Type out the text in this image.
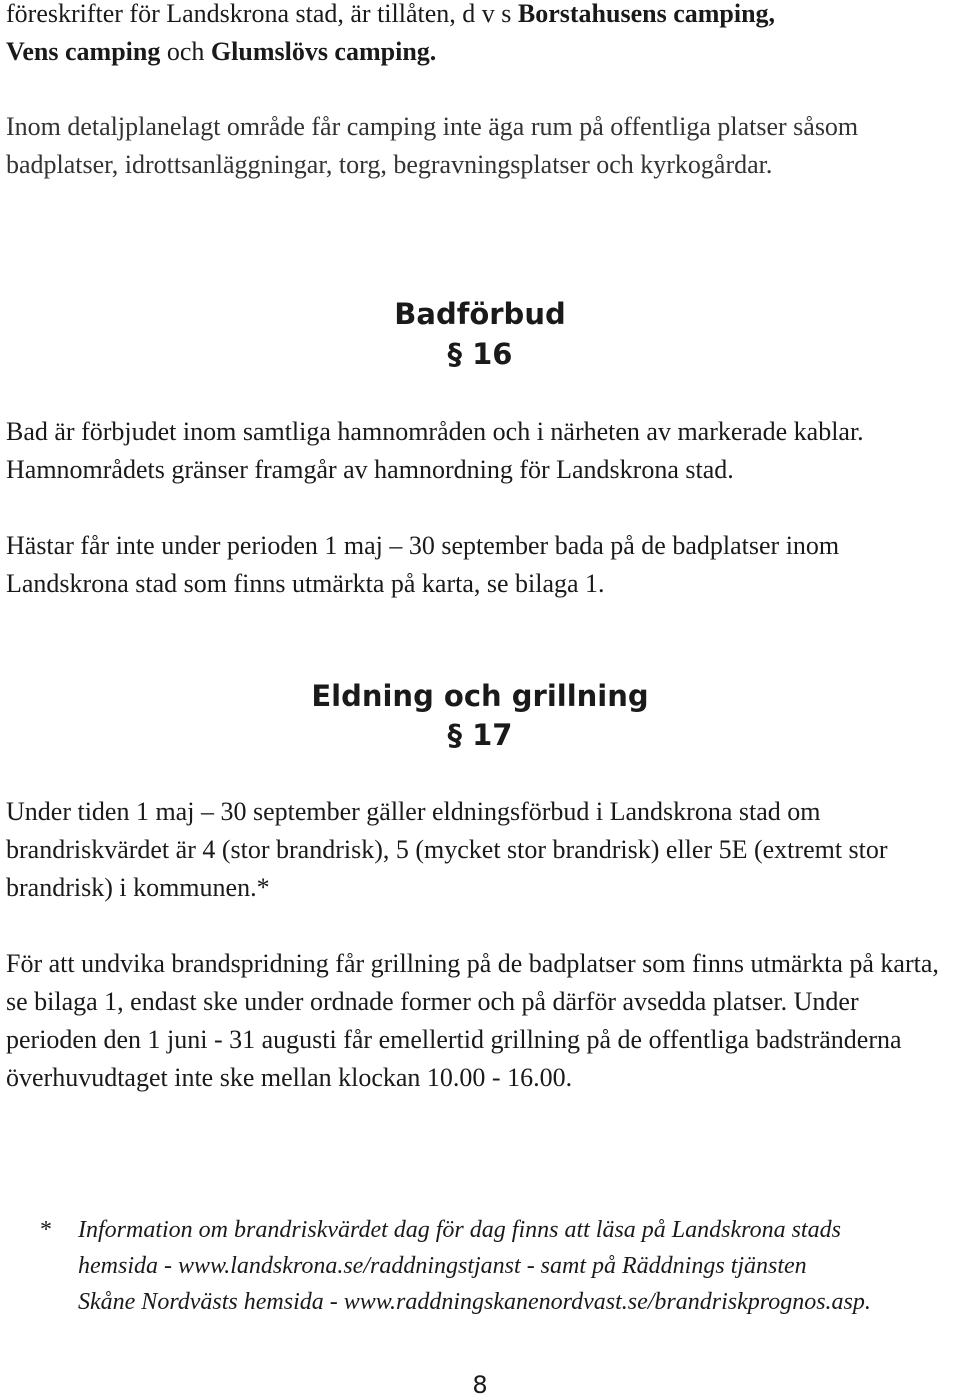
föreskrifter för Landskrona stad, är tillåten, d v s Borstahusens camping,
Vens camping och Glumslövs camping.

Inom detaljplanelagt område får camping inte äga rum på offentliga platser såsom badplatser, idrottsanläggningar, torg, begravningsplatser och kyrkogårdar.

Badförbud
§ 16

Bad är förbjudet inom samtliga hamnområden och i närheten av markerade kablar. Hamnområdets gränser framgår av hamnordning för Landskrona stad.

Hästar får inte under perioden 1 maj – 30 september bada på de badplatser inom Landskrona stad som finns utmärkta på karta, se bilaga 1.

Eldning och grillning
§ 17

Under tiden 1 maj – 30 september gäller eldningsförbud i Landskrona stad om brandriskvärdet är 4 (stor brandrisk), 5 (mycket stor brandrisk) eller 5E (extremt stor brandrisk) i kommunen.*

För att undvika brandspridning får grillning på de badplatser som finns utmärkta på karta, se bilaga 1, endast ske under ordnade former och på därför avsedda platser. Under perioden den 1 juni - 31 augusti får emellertid grillning på de offentliga badstränderna överhuvudtaget inte ske mellan klockan 10.00 - 16.00.

*	Information om brandriskvärdet dag för dag finns att läsa på Landskrona stads
hemsida - www.landskrona.se/raddningstjanst - samt på Räddnings tjänsten
Skåne Nordvästs hemsida - www.raddningskanenordvast.se/brandriskprognos.asp.
8
